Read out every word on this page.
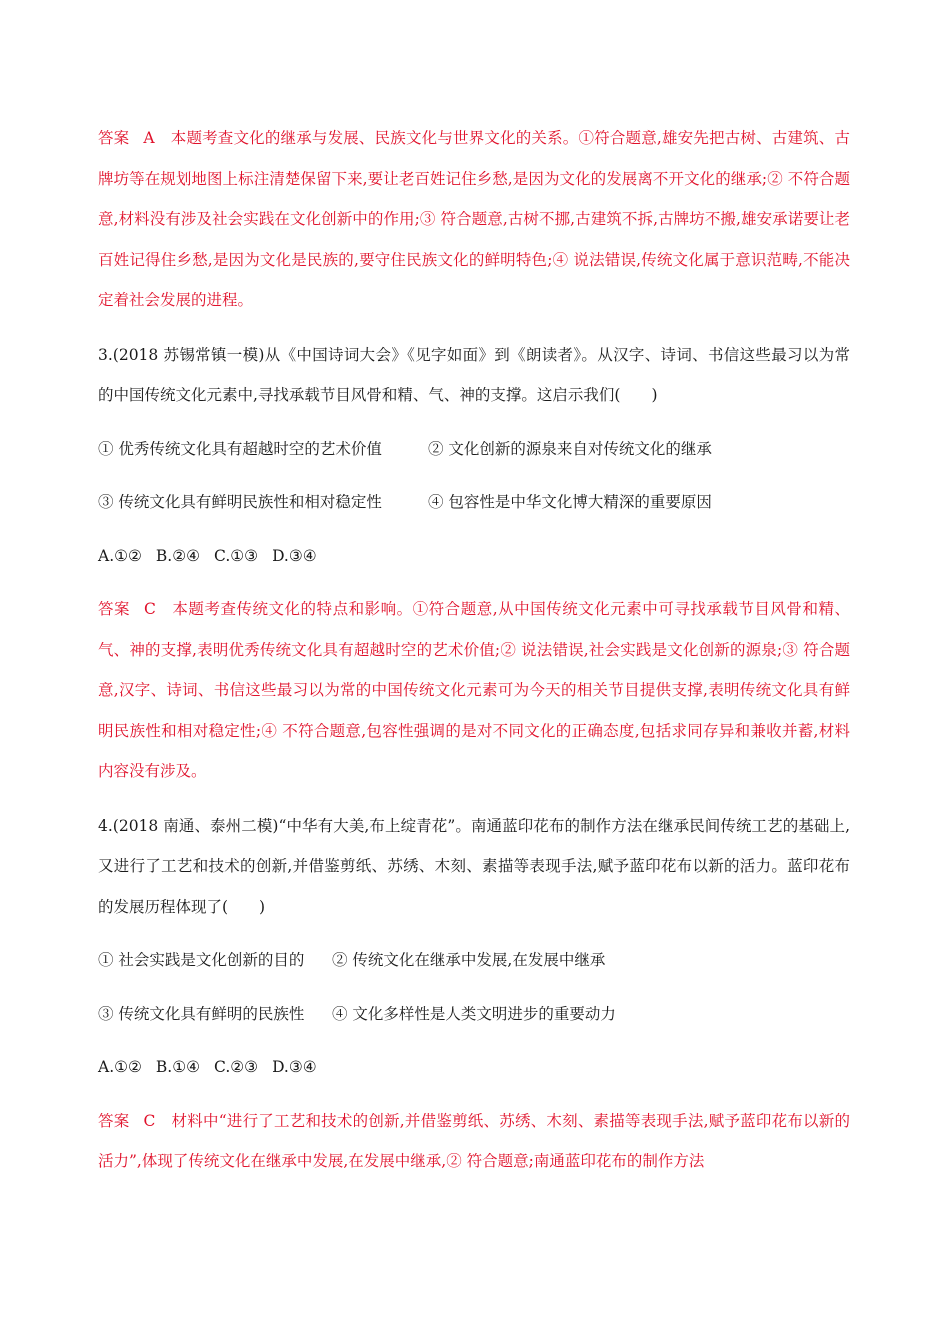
答案 A 本题考查文化的继承与发展、民族文化与世界文化的关系。①符合题意,雄安先把古树、古建筑、古牌坊等在规划地图上标注清楚保留下来,要让老百姓记住乡愁,是因为文化的发展离不开文化的继承;② 不符合题意,材料没有涉及社会实践在文化创新中的作用;③ 符合题意,古树不挪,古建筑不拆,古牌坊不搬,雄安承诺要让老百姓记得住乡愁,是因为文化是民族的,要守住民族文化的鲜明特色;④ 说法错误,传统文化属于意识范畴,不能决定着社会发展的进程。

3.(2018 苏锡常镇一模)从《中国诗词大会》《见字如面》到《朗读者》。从汉字、诗词、书信这些最习以为常的中国传统文化元素中,寻找承载节目风骨和精、气、神的支撑。这启示我们(　　)

① 优秀传统文化具有超越时空的艺术价值	② 文化创新的源泉来自对传统文化的继承

③ 传统文化具有鲜明民族性和相对稳定性	④ 包容性是中华文化博大精深的重要原因

A.①② B.②④ C.①③ D.③④

答案 C 本题考查传统文化的特点和影响。①符合题意,从中国传统文化元素中可寻找承载节目风骨和精、气、神的支撑,表明优秀传统文化具有超越时空的艺术价值;② 说法错误,社会实践是文化创新的源泉;③ 符合题意,汉字、诗词、书信这些最习以为常的中国传统文化元素可为今天的相关节目提供支撑,表明传统文化具有鲜明民族性和相对稳定性;④ 不符合题意,包容性强调的是对不同文化的正确态度,包括求同存异和兼收并蓄,材料内容没有涉及。

4.(2018 南通、泰州二模)“中华有大美,布上绽青花”。南通蓝印花布的制作方法在继承民间传统工艺的基础上,又进行了工艺和技术的创新,并借鉴剪纸、苏绣、木刻、素描等表现手法,赋予蓝印花布以新的活力。蓝印花布的发展历程体现了(　　)

① 社会实践是文化创新的目的 ② 传统文化在继承中发展,在发展中继承

③ 传统文化具有鲜明的民族性 ④ 文化多样性是人类文明进步的重要动力

A.①② B.①④ C.②③ D.③④

答案 C 材料中“进行了工艺和技术的创新,并借鉴剪纸、苏绣、木刻、素描等表现手法,赋予蓝印花布以新的活力”,体现了传统文化在继承中发展,在发展中继承,② 符合题意;南通蓝印花布的制作方法
